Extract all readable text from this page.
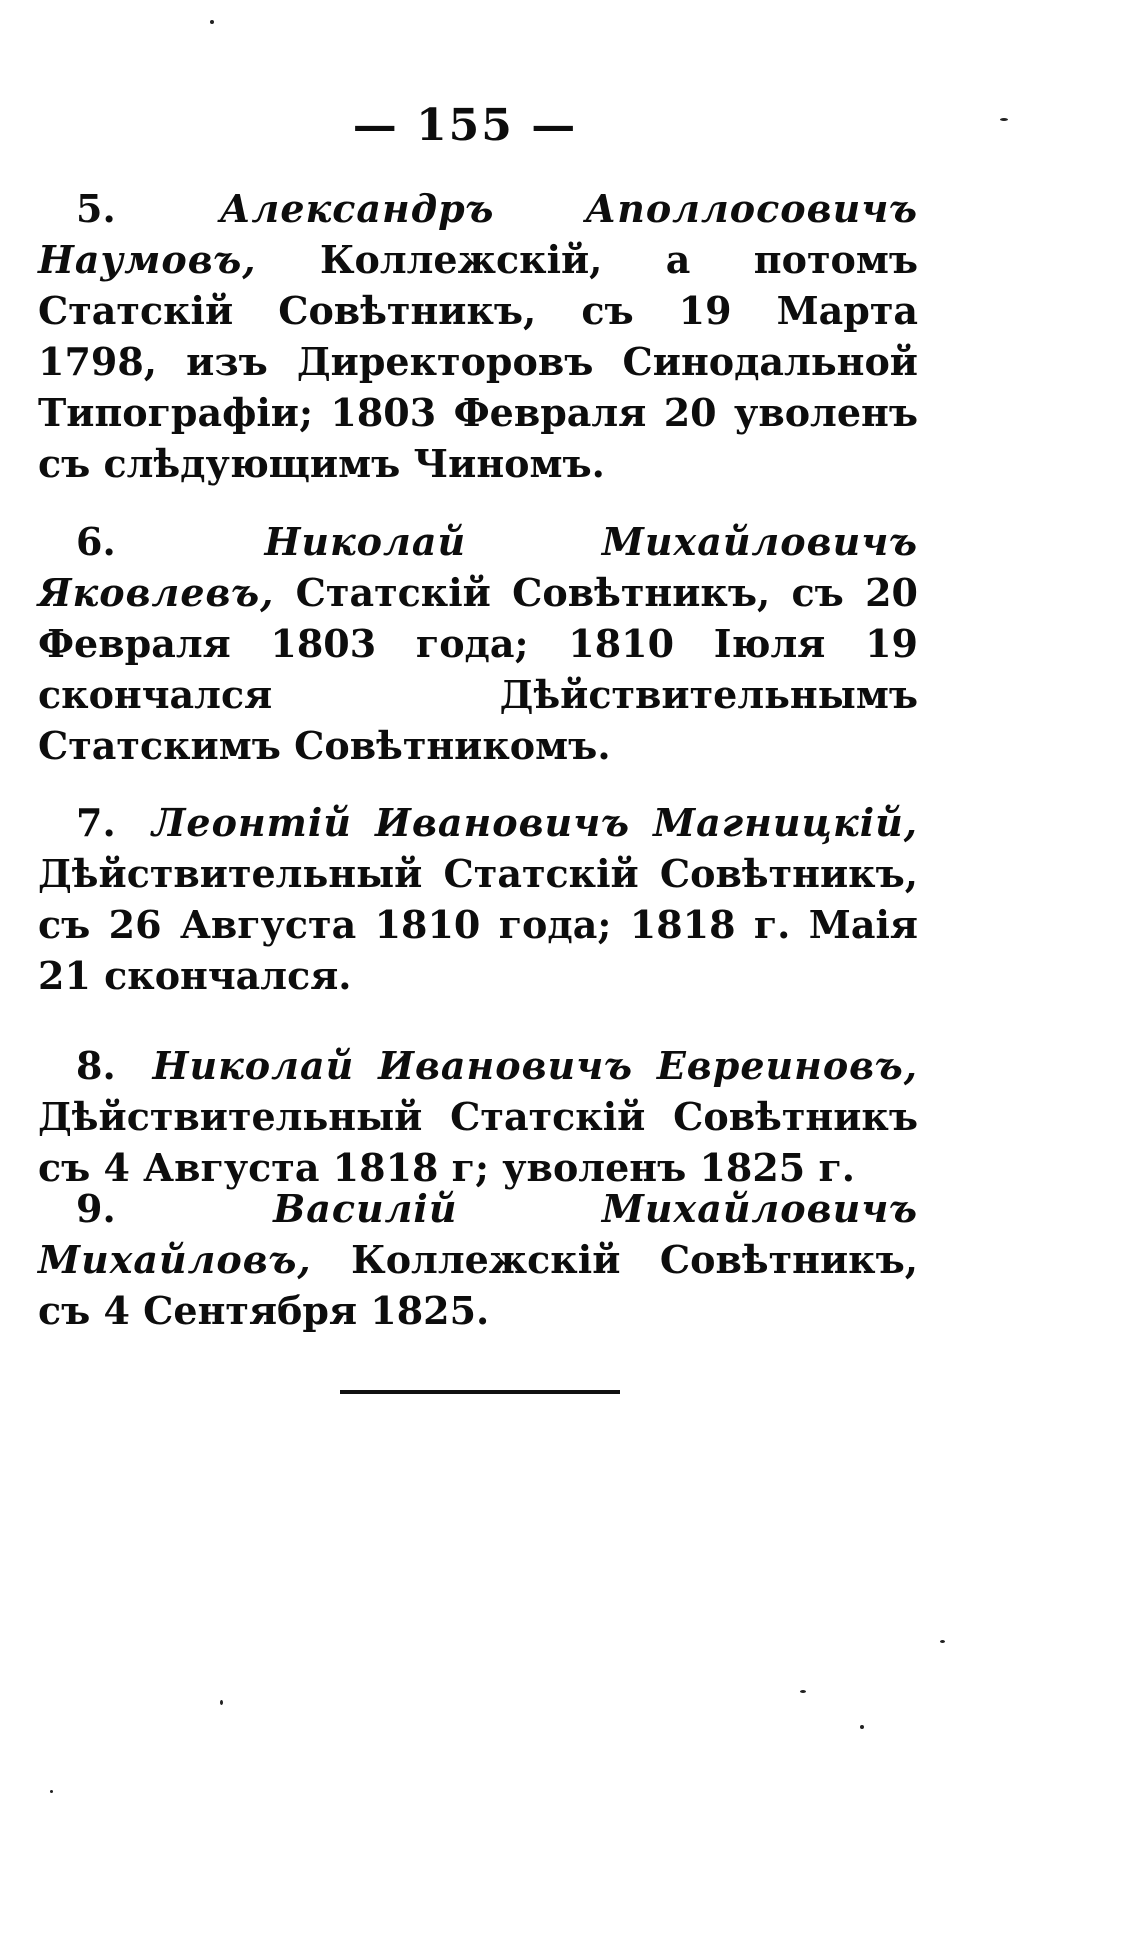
— 155 —

5.	Александръ Аполлосовичъ Наумовъ, Коллежскій, а потомъ Статскій Совѣтникъ, съ 19 Марта 1798, изъ Директоровъ Синодальной Типографіи; 1803 Февраля 20 уволенъ съ слѣдующимъ Чиномъ.

6.	Николай Михайловичъ Яковлевъ, Статскій Совѣтникъ, съ 20 Февраля 1803 года; 1810 Іюля 19 скончался Дѣйствительнымъ Статскимъ Совѣтникомъ.

7. Леонтій Ивановичъ Магницкій, Дѣйствительный Статскій Совѣтникъ, съ 26 Августа 1810 года; 1818 г. Маія 21 скончался.

8. Николай Ивановичъ Евреиновъ, Дѣйствительный Статскій Совѣтникъ съ 4 Августа 1818 г; уволенъ 1825 г.

9.	Василій Михайловичъ Михайловъ, Коллежскій Совѣтникъ, съ 4 Сентября 1825.
